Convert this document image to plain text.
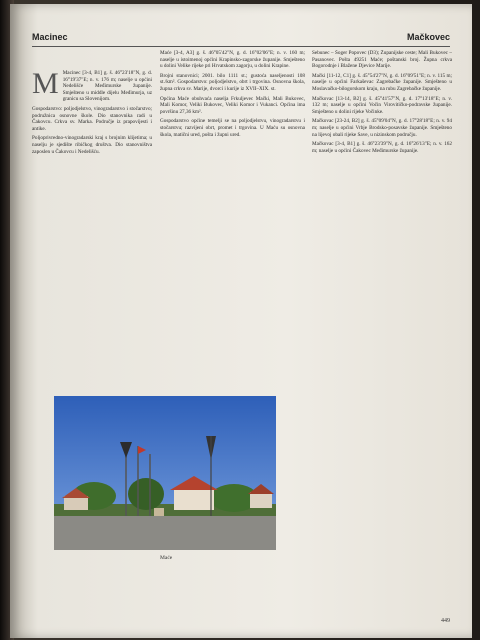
Macinec	Mačkovec
M Macinec [3-4, B1] g. š. 46°23'18"N, g. d. 16°19'37"E; n. v. 176 m; naselje u općini Nedelišće Međimurske županije. Smješteno u middle dijelu Međimurja, uz granicu sa Slovenijom.

Gospodarstvo: poljodjelstvo, vinogradarstvo i stočarstvo; podružnica osnovne škole. Dio stanovnika radi u Čakovcu. Crkva sv. Marka. Područje iz prapovijesti i antike.

Poljoprivredno-vinogradarski kraj s brojnim klijetima; u naselju je sjedište ribičkog društva. Dio stanovništva zaposlen u Čakovcu i Nedelišću.

Maće [3-4, A3] g. š. 46°05'42"N, g. d. 16°02'06"E; n. v. 160 m; naselje u istoimenoj općini Krapinsko-zagorske županije. Smješteno u dolini Velike rijeke pri Hrvatskom zagorju, u dolini Krapine.

Brojni stanovnici; 2001. bilo 1111 st.; gustoća naseljenosti 108 st./km². Gospodarstvo: poljodjelstvo, obrt i trgovina. Osnovna škola, župna crkva sv. Marije, dvorci i kurije iz XVII–XIX. st.

Općina Maće obuhvaća naselja Frkuljevec Mački, Mali Bukovec, Mali Komor, Veliki Bukovec, Veliki Komor i Vukanci. Općina ima površinu 27,36 km².

Gospodarstvo općine temelji se na poljodjelstvu, vinogradarstvu i stočarstvu; razvijeni obrt, promet i trgovina. U Maću su osnovna škola, matični ured, pošta i župni ured.

Sebunec – Šoger Popovec (D3); Županijske ceste; Mali Bukovec – Pasanovec. Pošta 49251 Maće; poštanski broj. Župna crkva Bogorodnje i Blažene Djevice Marije.

Mački [11-12, C1] g. š. 45°54'27"N, g. d. 16°09'51"E; n. v. 115 m; naselje u općini Farkaševac Zagrebačke županije. Smješteno u Moslavačko-bilogorskom kraju, na rubu Zagrebačke županije.

Mačkovac [13-14, B2] g. š. 45°41'57"N, g. d. 17°13'18"E; n. v. 132 m; naselje u općini Vočin Virovitičko-podravske županije. Smješteno u dolini rijeke Vočinke.

Mačkovac [23-24, B2] g. š. 45°09'04"N, g. d. 17°28'18"E; n. v. 94 m; naselje u općini Vrbje Brodsko-posavske županije. Smješteno na lijevoj obali rijeke Save, u nizinskom području.

Mačkovac [3-4, B1] g. š. 46°23'39"N, g. d. 16°26'13"E; n. v. 162 m; naselje u općini Čakovec Međimurske županije.

Maće
449
